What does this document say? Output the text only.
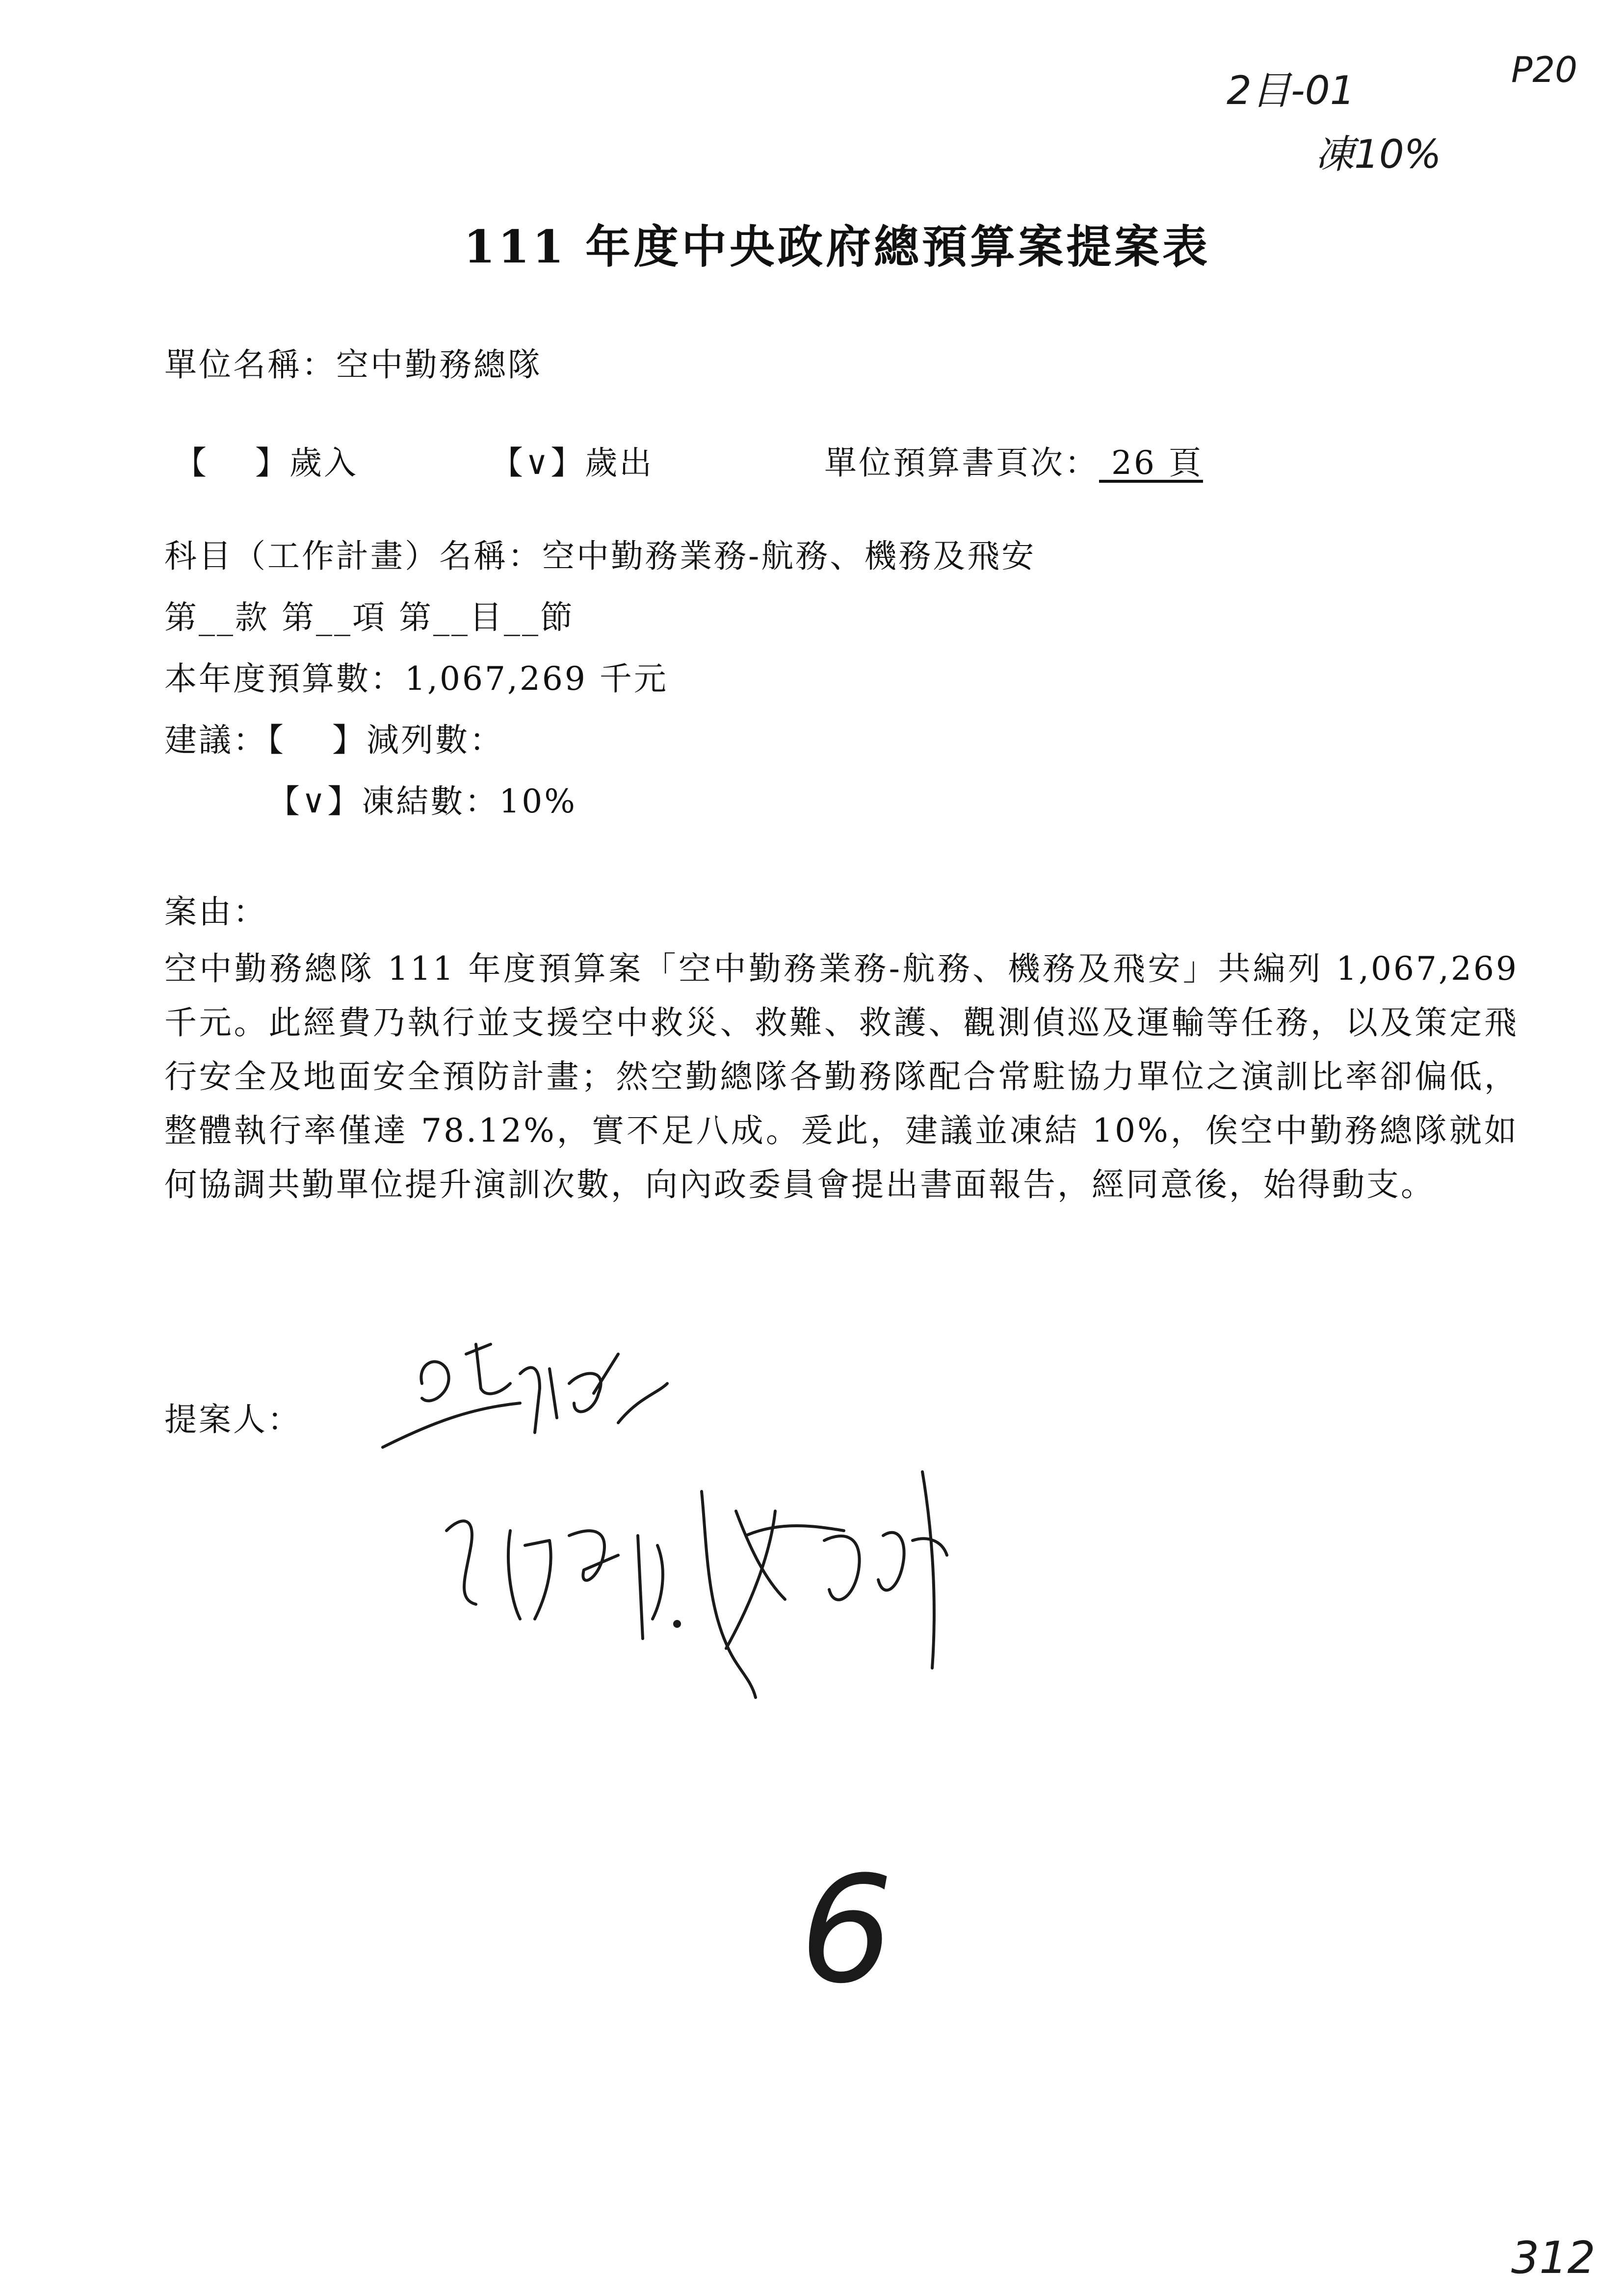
2目-01	P20
凍10%
111 年度中央政府總預算案提案表
單位名稱：空中勤務總隊
【　 】歲入	【∨】歲出	單位預算書頁次： 26 頁
科目（工作計畫）名稱：空中勤務業務-航務、機務及飛安
第__款 第__項 第__目__節
本年度預算數：1,067,269 千元
建議：【　 】減列數：
【∨】凍結數：10%
案由：
空中勤務總隊 111 年度預算案「空中勤務業務-航務、機務及飛安」共編列 1,067,269 千元。此經費乃執行並支援空中救災、救難、救護、觀測偵巡及運輸等任務，以及策定飛行安全及地面安全預防計畫；然空勤總隊各勤務隊配合常駐協力單位之演訓比率卻偏低，整體執行率僅達 78.12%，實不足八成。爰此，建議並凍結 10%，俟空中勤務總隊就如何協調共勤單位提升演訓次數，向內政委員會提出書面報告，經同意後，始得動支。
提案人：
6
312
